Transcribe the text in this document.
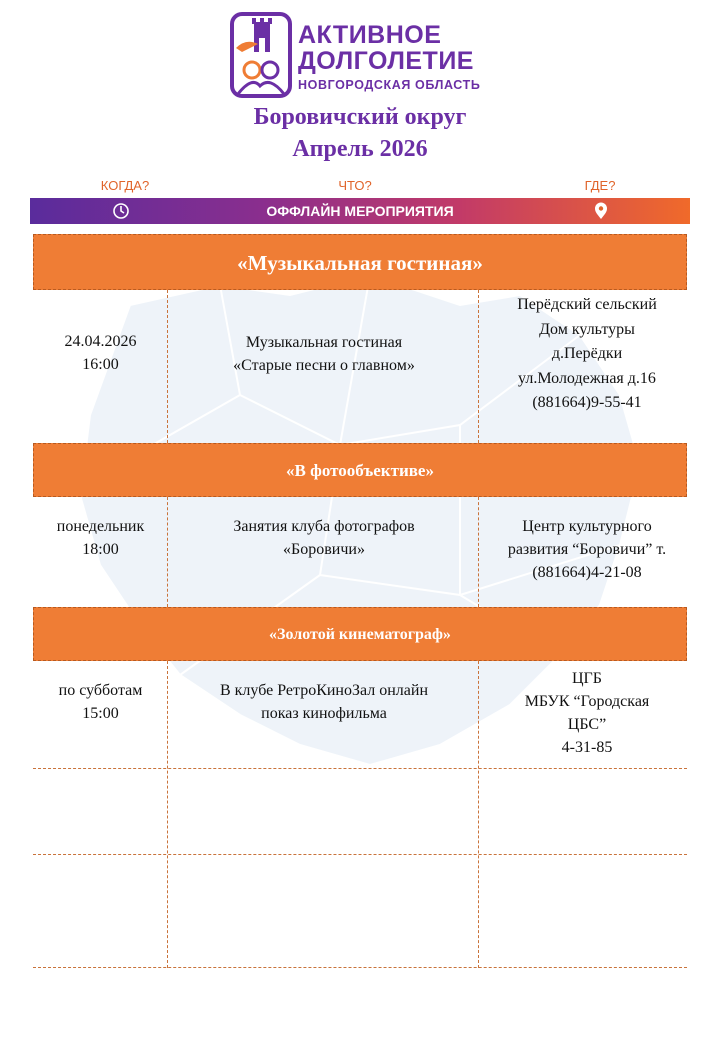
АКТИВНОЕ
ДОЛГОЛЕТИЕ
НОВГОРОДСКАЯ ОБЛАСТЬ
Боровичский округ
Апрель 2026
КОГДА?	ЧТО?	ГДЕ?
ОФФЛАЙН МЕРОПРИЯТИЯ
«Музыкальная гостиная»
24.04.2026
16:00
Музыкальная гостиная
«Старые песни о главном»
Перёдский сельский
Дом культуры
д.Перёдки
ул.Молодежная д.16
(881664)9-55-41
«В фотообъективе»
понедельник
18:00
Занятия клуба фотографов
«Боровичи»
Центр культурного
развития “Боровичи” т.
(881664)4-21-08
«Золотой кинематограф»
по субботам
15:00
В клубе РетроКиноЗал онлайн
показ кинофильма
ЦГБ
МБУК “Городская
ЦБС”
4-31-85
